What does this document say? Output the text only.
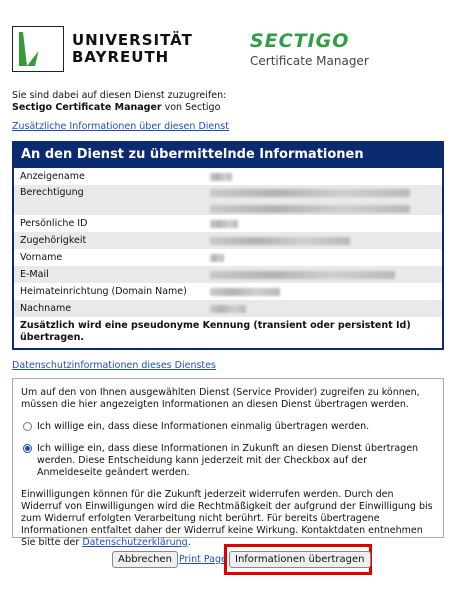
UNIVERSITÄT
BAYREUTH
SECTIGO
Certificate Manager
Sie sind dabei auf diesen Dienst zuzugreifen:
Sectigo Certificate Manager von Sectigo
Zusätzliche Informationen über diesen Dienst
An den Dienst zu übermittelnde Informationen
Anzeigename
Berechtigung
Persönliche ID
Zugehörigkeit
Vorname
E-Mail
Heimateinrichtung (Domain Name)
Nachname
Zusätzlich wird eine pseudonyme Kennung (transient oder persistent Id) übertragen.
Datenschutzinformationen dieses Dienstes

Um auf den von Ihnen ausgewählten Dienst (Service Provider) zugreifen zu können, müssen die hier angezeigten Informationen an diesen Dienst übertragen werden.

Ich willige ein, dass diese Informationen einmalig übertragen werden.
Ich willige ein, dass diese Informationen in Zukunft an diesen Dienst übertragen werden. Diese Entscheidung kann jederzeit mit der Checkbox auf der Anmeldeseite geändert werden.

Einwilligungen können für die Zukunft jederzeit widerrufen werden. Durch den Widerruf von Einwilligungen wird die Rechtmäßigkeit der aufgrund der Einwilligung bis zum Widerruf erfolgten Verarbeitung nicht berührt. Für bereits übertragene Informationen entfaltet daher der Widerruf keine Wirkung. Kontaktdaten entnehmen Sie bitte der Datenschutzerklärung.

Abbrechen Print Page Informationen übertragen
